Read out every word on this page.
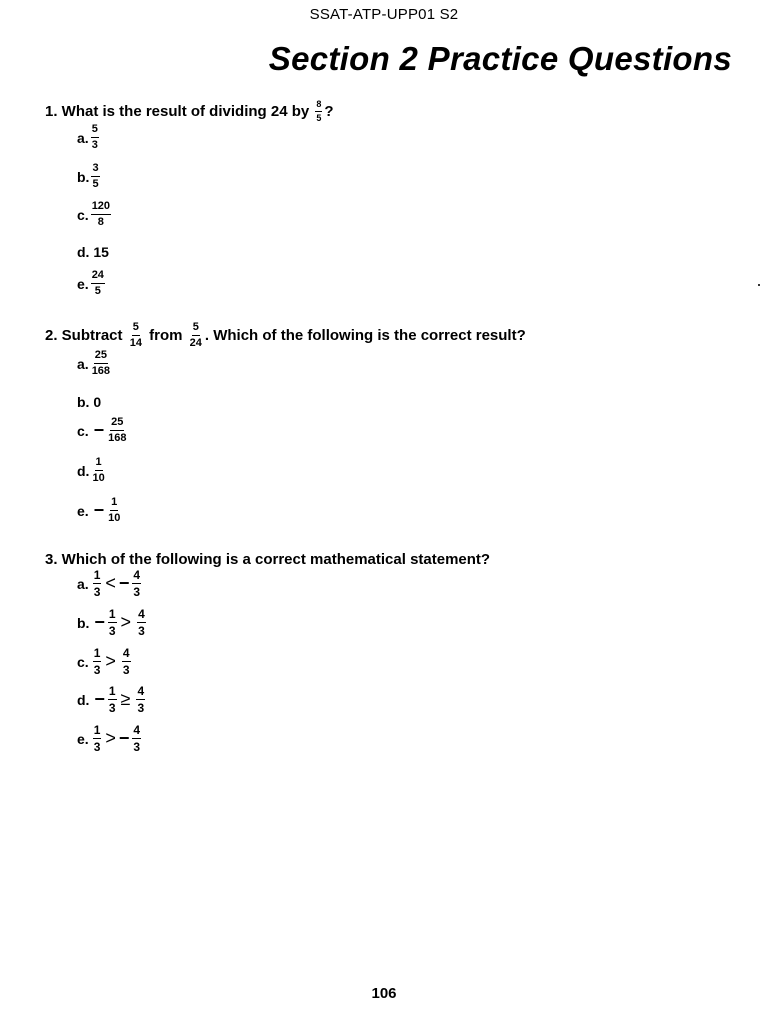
SSAT-ATP-UPP01 S2
Section 2 Practice Questions
1. What is the result of dividing 24 by $\frac{8}{5}$ ?
a. $\frac{5}{3}$
b. $\frac{3}{5}$
c. $\frac{120}{8}$
d. 15
e. $\frac{24}{5}$
2. Subtract $\frac{5}{14}$ from $\frac{5}{24}$ . Which of the following is the correct result?
a. $\frac{25}{168}$
b. 0
c. − $\frac{25}{168}$
d. $\frac{1}{10}$
e. − $\frac{1}{10}$
3. Which of the following is a correct mathematical statement?
a. $\frac{1}{3}$ < − $\frac{4}{3}$
b. − $\frac{1}{3} > \frac{4}{3}$
c. $\frac{1}{3} > \frac{4}{3}$
d. − $\frac{1}{3} \ge \frac{4}{3}$
e. $\frac{1}{3}$ > − $\frac{4}{3}$
106
